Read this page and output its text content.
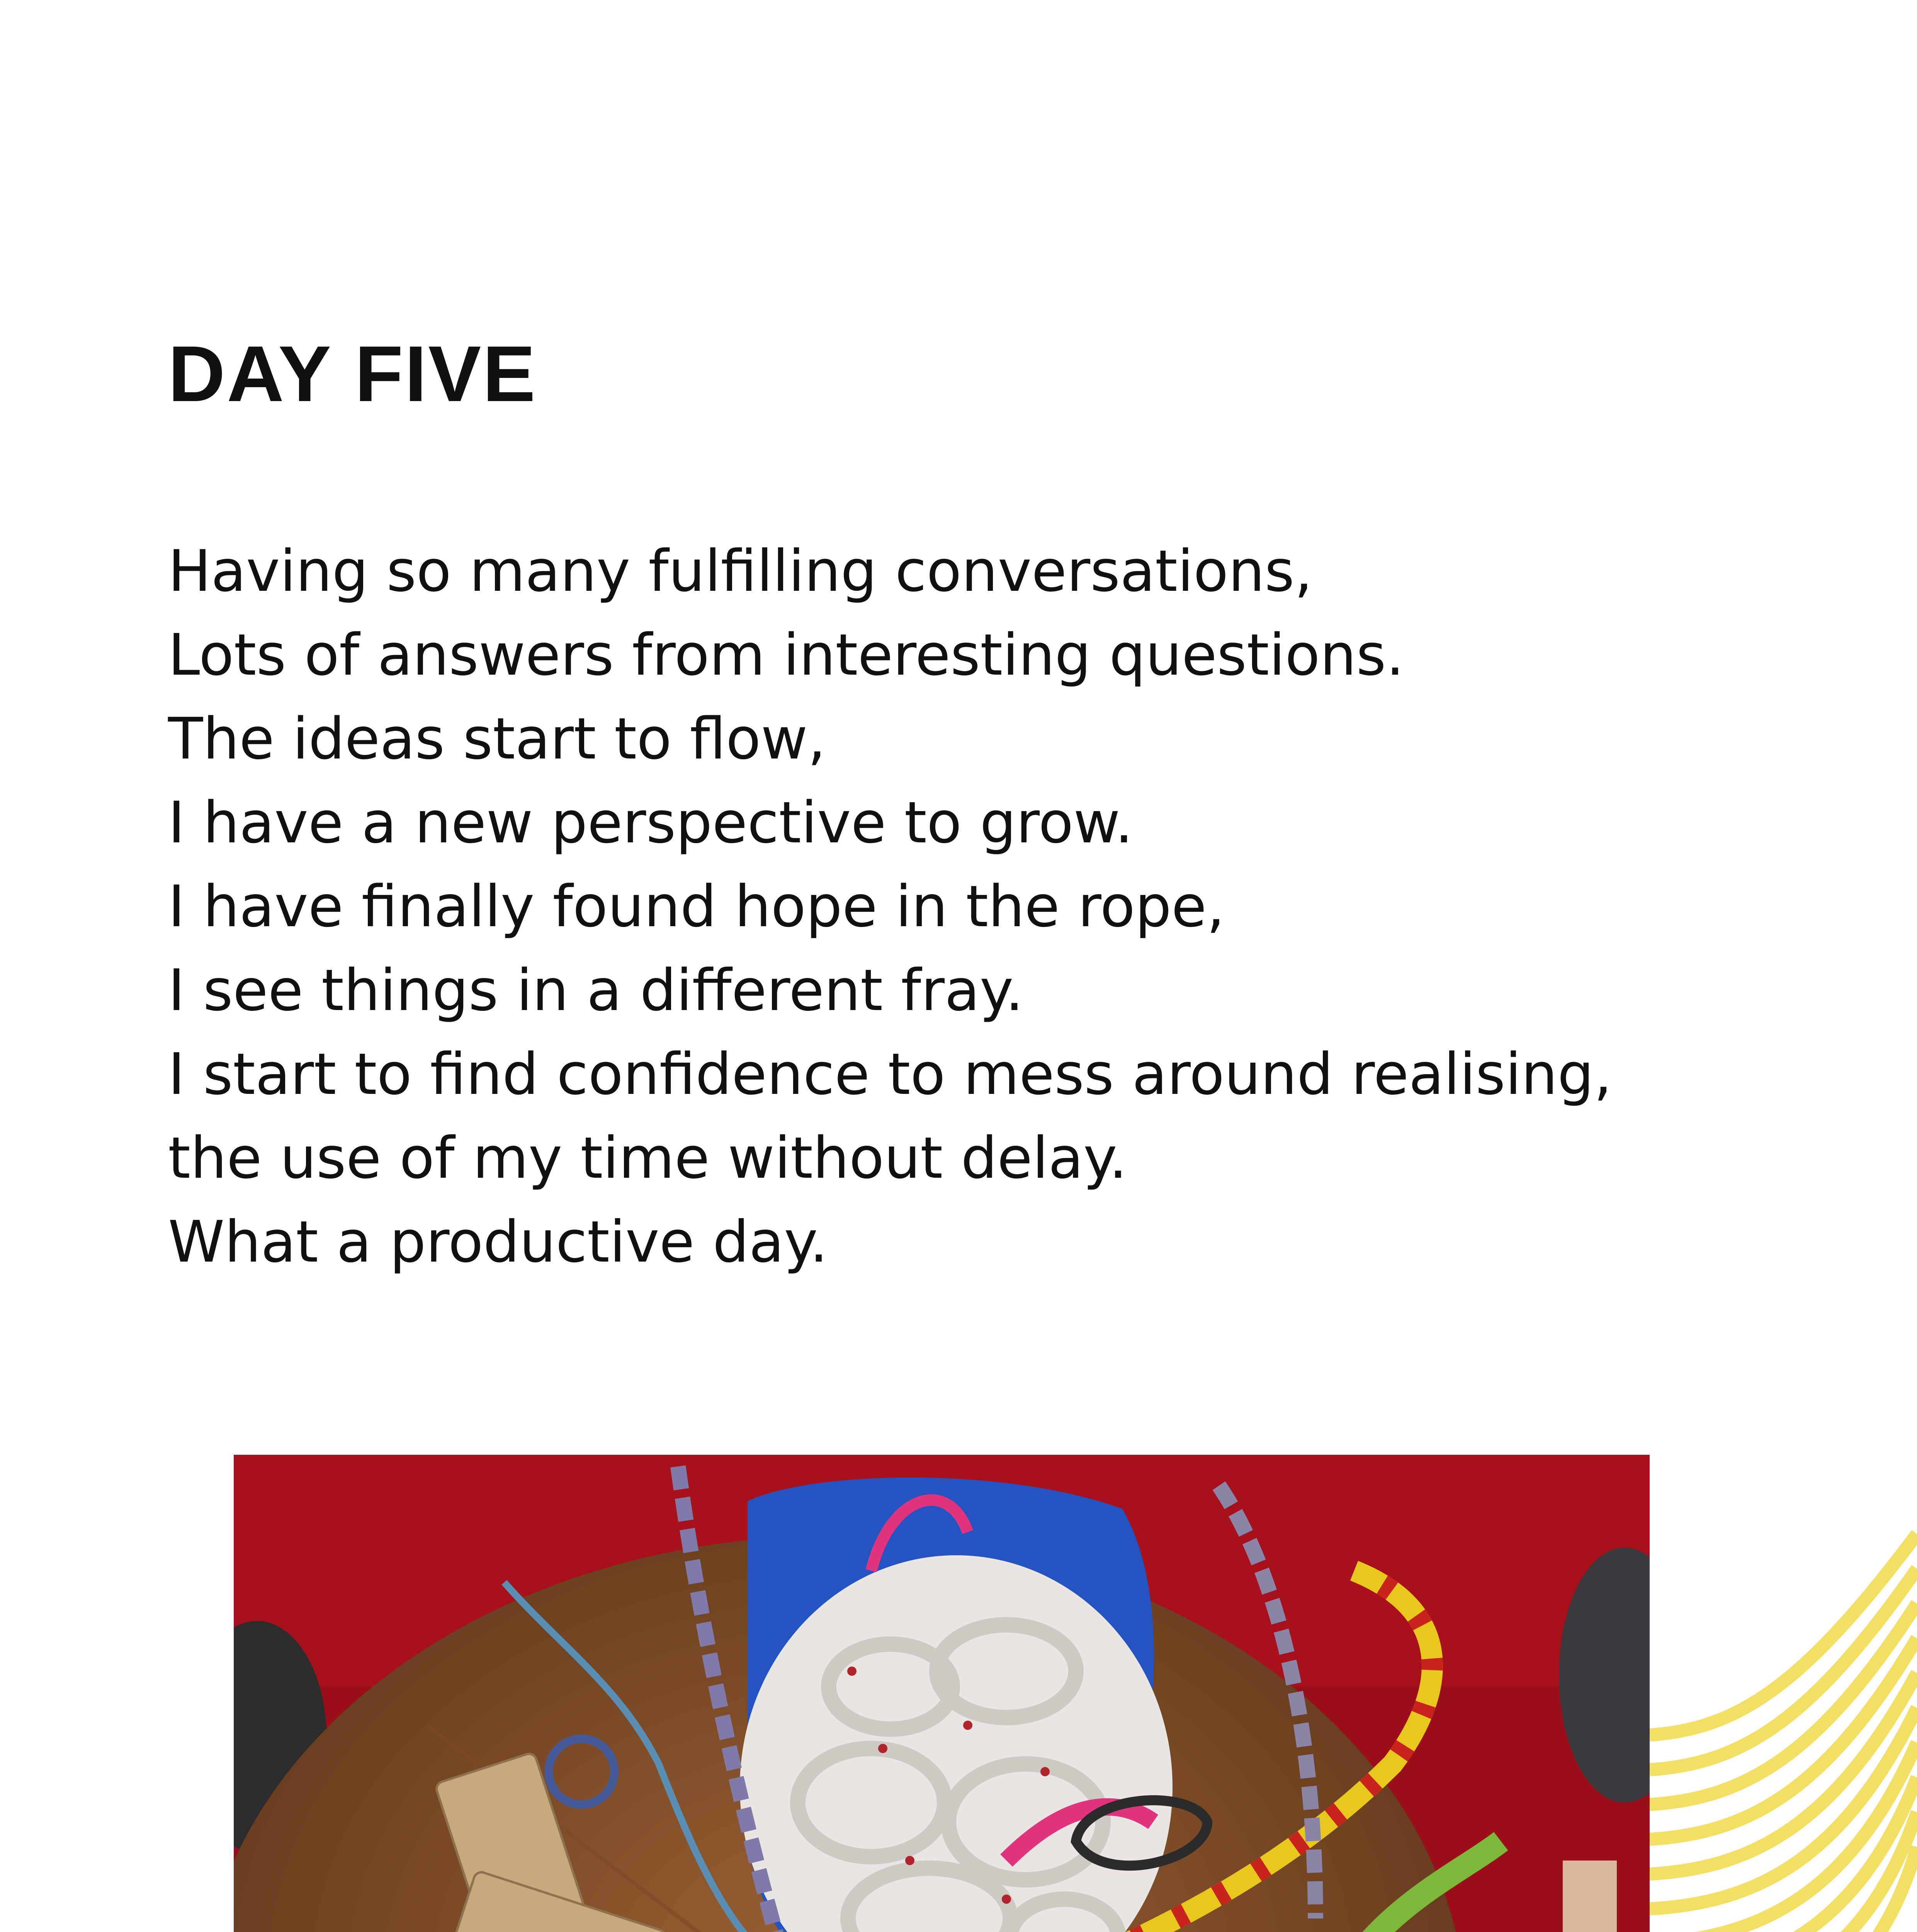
DAY FIVE
Having so many fulfilling conversations,
Lots of answers from interesting questions.
The ideas start to flow,
I have a new perspective to grow.
I have finally found hope in the rope,
I see things in a different fray.
I start to find confidence to mess around realising,
the use of my time without delay.
What a productive day.
